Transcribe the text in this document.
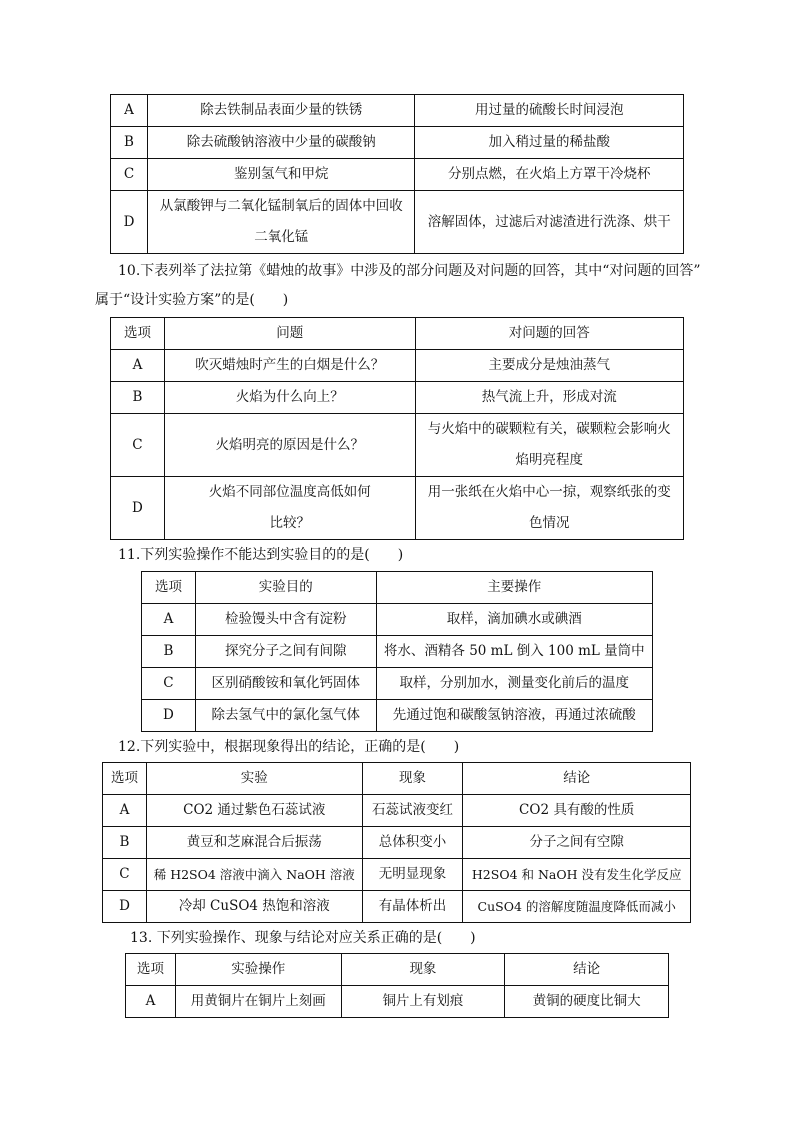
A	除去铁制品表面少量的铁锈	用过量的硫酸长时间浸泡
B	除去硫酸钠溶液中少量的碳酸钠	加入稍过量的稀盐酸
C	鉴别氢气和甲烷	分别点燃，在火焰上方罩干冷烧杯
D	从氯酸钾与二氧化锰制氧后的固体中回收二氧化锰	溶解固体，过滤后对滤渣进行洗涤、烘干
10.下表列举了法拉第《蜡烛的故事》中涉及的部分问题及对问题的回答，其中“对问题的回答”
属于“设计实验方案”的是(　　)
选项	问题	对问题的回答
A	吹灭蜡烛时产生的白烟是什么？	主要成分是烛油蒸气
B	火焰为什么向上？	热气流上升，形成对流
C	火焰明亮的原因是什么？	与火焰中的碳颗粒有关，碳颗粒会影响火焰明亮程度
D	火焰不同部位温度高低如何比较？	用一张纸在火焰中心一掠，观察纸张的变色情况
11.下列实验操作不能达到实验目的的是(　　)
选项	实验目的	主要操作
A	检验馒头中含有淀粉	取样，滴加碘水或碘酒
B	探究分子之间有间隙	将水、酒精各 50 mL 倒入 100 mL 量筒中
C	区别硝酸铵和氧化钙固体	取样，分别加水，测量变化前后的温度
D	除去氢气中的氯化氢气体	先通过饱和碳酸氢钠溶液，再通过浓硫酸
12.下列实验中，根据现象得出的结论，正确的是(　　)
选项	实验	现象	结论
A	CO2 通过紫色石蕊试液	石蕊试液变红	CO2 具有酸的性质
B	黄豆和芝麻混合后振荡	总体积变小	分子之间有空隙
C	稀 H2SO4 溶液中滴入 NaOH 溶液	无明显现象	H2SO4 和 NaOH 没有发生化学反应
D	冷却 CuSO4 热饱和溶液	有晶体析出	CuSO4 的溶解度随温度降低而减小
13. 下列实验操作、现象与结论对应关系正确的是(　　)
选项	实验操作	现象	结论
A	用黄铜片在铜片上刻画	铜片上有划痕	黄铜的硬度比铜大
